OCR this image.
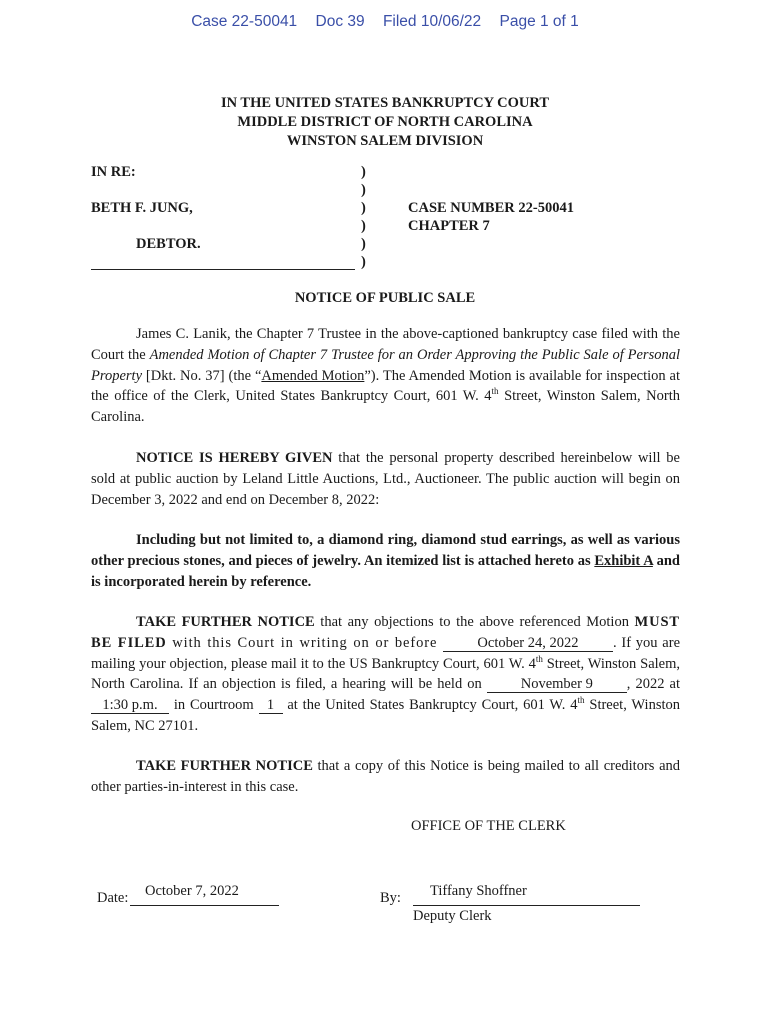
Case 22-50041 Doc 39 Filed 10/06/22 Page 1 of 1
IN THE UNITED STATES BANKRUPTCY COURT
MIDDLE DISTRICT OF NORTH CAROLINA
WINSTON SALEM DIVISION
IN RE:
BETH F. JUNG,
DEBTOR.
)
)
)
)
)
)
CASE NUMBER 22-50041
CHAPTER 7
NOTICE OF PUBLIC SALE
James C. Lanik, the Chapter 7 Trustee in the above-captioned bankruptcy case filed with the Court the Amended Motion of Chapter 7 Trustee for an Order Approving the Public Sale of Personal Property [Dkt. No. 37] (the “Amended Motion”). The Amended Motion is available for inspection at the office of the Clerk, United States Bankruptcy Court, 601 W. 4th Street, Winston Salem, North Carolina.
NOTICE IS HEREBY GIVEN that the personal property described hereinbelow will be sold at public auction by Leland Little Auctions, Ltd., Auctioneer. The public auction will begin on December 3, 2022 and end on December 8, 2022:
Including but not limited to, a diamond ring, diamond stud earrings, as well as various other precious stones, and pieces of jewelry. An itemized list is attached hereto as Exhibit A and is incorporated herein by reference.
TAKE FURTHER NOTICE that any objections to the above referenced Motion MUST BE FILED with this Court in writing on or before October 24, 2022 . If you are mailing your objection, please mail it to the US Bankruptcy Court, 601 W. 4th Street, Winston Salem, North Carolina. If an objection is filed, a hearing will be held on November 9 , 2022 at 1:30 p.m. in Courtroom 1 at the United States Bankruptcy Court, 601 W. 4th Street, Winston Salem, NC 27101.
TAKE FURTHER NOTICE that a copy of this Notice is being mailed to all creditors and other parties-in-interest in this case.
OFFICE OF THE CLERK
Date: October 7, 2022	By: Tiffany Shoffner
Deputy Clerk
